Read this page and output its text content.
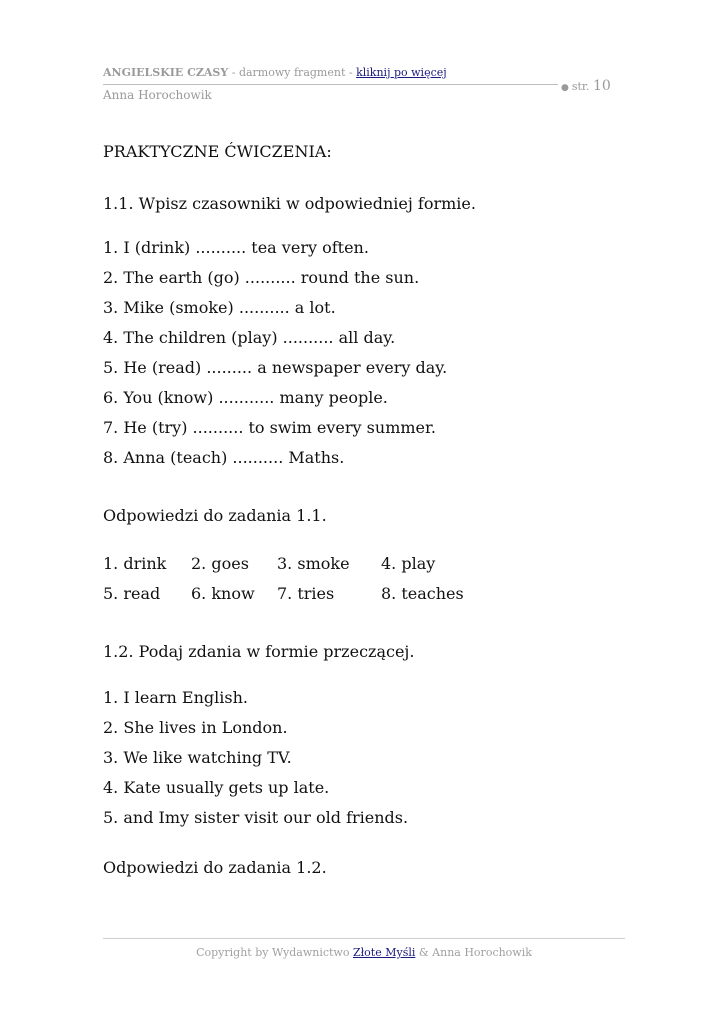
ANGIELSKIE CZASY - darmowy fragment - kliknij po więcej
● str. 10
Anna Horochowik
PRAKTYCZNE ĆWICZENIA:
1.1. Wpisz czasowniki w odpowiedniej formie.
1. I (drink) .......... tea very often.
2. The earth (go) .......... round the sun.
3. Mike (smoke) .......... a lot.
4. The children (play) .......... all day.
5. He (read) ......... a newspaper every day.
6. You (know) ........... many people.
7. He (try) .......... to swim every summer.
8. Anna (teach) .......... Maths.
Odpowiedzi do zadania 1.1.
1. drink 2. goes 3. smoke 4. play
5. read 6. know 7. tries	8. teaches
1.2. Podaj zdania w formie przeczącej.
1. I learn English.
2. She lives in London.
3. We like watching TV.
4. Kate usually gets up late.
5. and Imy sister visit our old friends.
Odpowiedzi do zadania 1.2.
Copyright by Wydawnictwo Złote Myśli & Anna Horochowik
